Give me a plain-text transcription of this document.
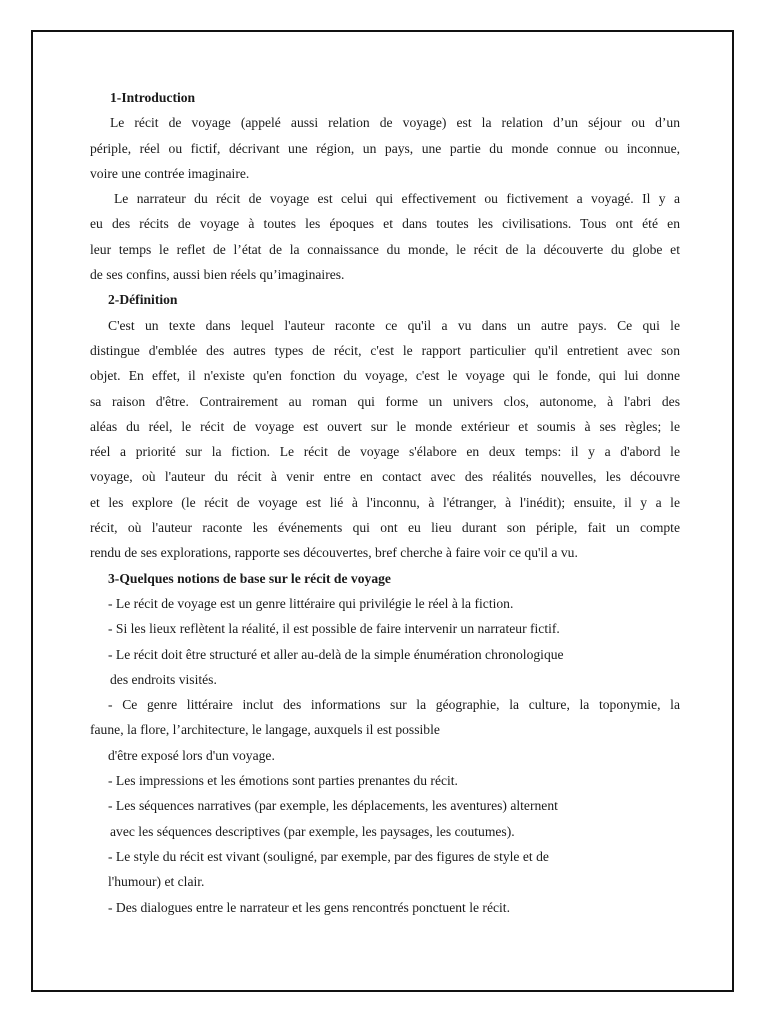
1-Introduction
Le récit de voyage (appelé aussi relation de voyage) est la relation d’un séjour ou d’un
périple, réel ou fictif, décrivant une région, un pays, une partie du monde connue ou inconnue,
voire une contrée imaginaire.
Le narrateur du récit de voyage est celui qui effectivement ou fictivement a voyagé. Il y a
eu des récits de voyage à toutes les époques et dans toutes les civilisations. Tous ont été en
leur temps le reflet de l’état de la connaissance du monde, le récit de la découverte du globe et
de ses confins, aussi bien réels qu’imaginaires.
2-Définition
C'est un texte dans lequel l'auteur raconte ce qu'il a vu dans un autre pays. Ce qui le
distingue d'emblée des autres types de récit, c'est le rapport particulier qu'il entretient avec son
objet. En effet, il n'existe qu'en fonction du voyage, c'est le voyage qui le fonde, qui lui donne
sa raison d'être. Contrairement au roman qui forme un univers clos, autonome, à l'abri des
aléas du réel, le récit de voyage est ouvert sur le monde extérieur et soumis à ses règles; le
réel a priorité sur la fiction. Le récit de voyage s'élabore en deux temps: il y a d'abord le
voyage, où l'auteur du récit à venir entre en contact avec des réalités nouvelles, les découvre
et les explore (le récit de voyage est lié à l'inconnu, à l'étranger, à l'inédit); ensuite, il y a le
récit, où l'auteur raconte les événements qui ont eu lieu durant son périple, fait un compte
rendu de ses explorations, rapporte ses découvertes, bref cherche à faire voir ce qu'il a vu.
3-Quelques notions de base sur le récit de voyage
- Le récit de voyage est un genre littéraire qui privilégie le réel à la fiction.
- Si les lieux reflètent la réalité, il est possible de faire intervenir un narrateur fictif.
- Le récit doit être structuré et aller au-delà de la simple énumération chronologique
des endroits visités.
- Ce genre littéraire inclut des informations sur la géographie, la culture, la toponymie, la
faune, la flore, l’architecture, le langage, auxquels il est possible
d'être exposé lors d'un voyage.
- Les impressions et les émotions sont parties prenantes du récit.
- Les séquences narratives (par exemple, les déplacements, les aventures) alternent
avec les séquences descriptives (par exemple, les paysages, les coutumes).
- Le style du récit est vivant (souligné, par exemple, par des figures de style et de
l'humour) et clair.
- Des dialogues entre le narrateur et les gens rencontrés ponctuent le récit.
